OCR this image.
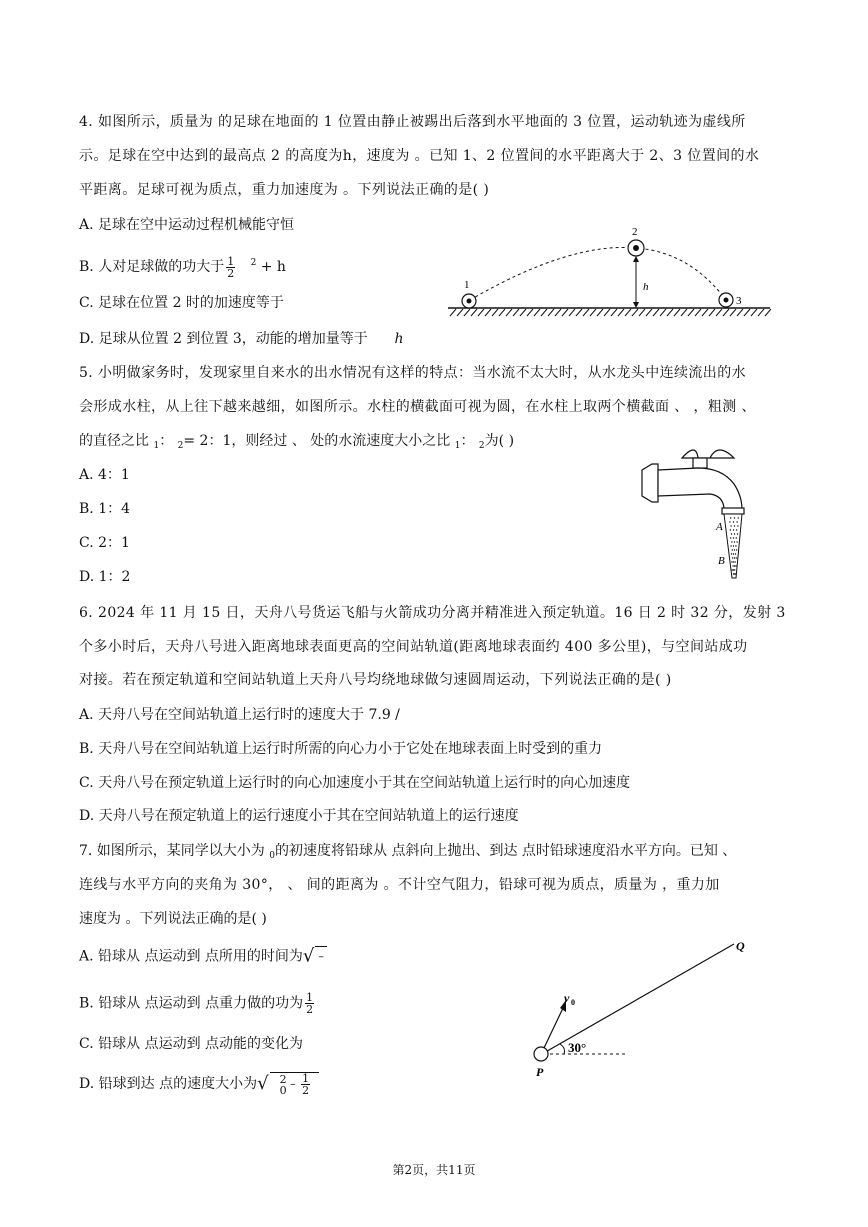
4. 如图所示，质量为 的足球在地面的 1 位置由静止被踢出后落到水平地面的 3 位置，运动轨迹为虚线所
示。足球在空中达到的最高点 2 的高度为h，速度为 。已知 1、2 位置间的水平距离大于 2、3 位置间的水
平距离。足球可视为质点，重力加速度为 。下列说法正确的是( )
A. 足球在空中运动过程机械能守恒
B. 人对足球做的功大于 $\frac{1}{2} ^2 + h$
C. 足球在位置 2 时的加速度等于
D. 足球从位置 2 到位置 3，动能的增加量等于 h
1
2
3
h
5. 小明做家务时，发现家里自来水的出水情况有这样的特点：当水流不太大时，从水龙头中连续流出的水
会形成水柱，从上往下越来越细，如图所示。水柱的横截面可视为圆，在水柱上取两个横截面 、 ，粗测 、
的直径之比 $_1$： $_2$= 2：1，则经过 、 处的水流速度大小之比 $_1$： $_2$为( )
A. 4：1
B. 1：4
C. 2：1
D. 1：2
A
B
6. 2024 年 11 月 15 日，天舟八号货运飞船与火箭成功分离并精准进入预定轨道。16 日 2 时 32 分，发射 3
个多小时后，天舟八号进入距离地球表面更高的空间站轨道(距离地球表面约 400 多公里)，与空间站成功
对接。若在预定轨道和空间站轨道上天舟八号均绕地球做匀速圆周运动，下列说法正确的是( )
A. 天舟八号在空间站轨道上运行时的速度大于 7.9 /
B. 天舟八号在空间站轨道上运行时所需的向心力小于它处在地球表面上时受到的重力
C. 天舟八号在预定轨道上运行时的向心加速度小于其在空间站轨道上运行时的向心加速度
D. 天舟八号在预定轨道上的运行速度小于其在空间站轨道上的运行速度
7. 如图所示，某同学以大小为 $_0$的初速度将铅球从 点斜向上抛出、到达 点时铅球速度沿水平方向。已知 、
连线与水平方向的夹角为 30°， 、 间的距离为 。不计空气阻力，铅球可视为质点，质量为 ，重力加
速度为 。下列说法正确的是( )
A. 铅球从 点运动到 点所用的时间为√ –
B. 铅球从 点运动到 点重力做的功为 $\frac{1}{2}$
C. 铅球从 点运动到 点动能的变化为
D. 铅球到达 点的速度大小为√ 2
$0 - \frac{1}{2}$

P
Q
v 0
30°
第2页，共11页
